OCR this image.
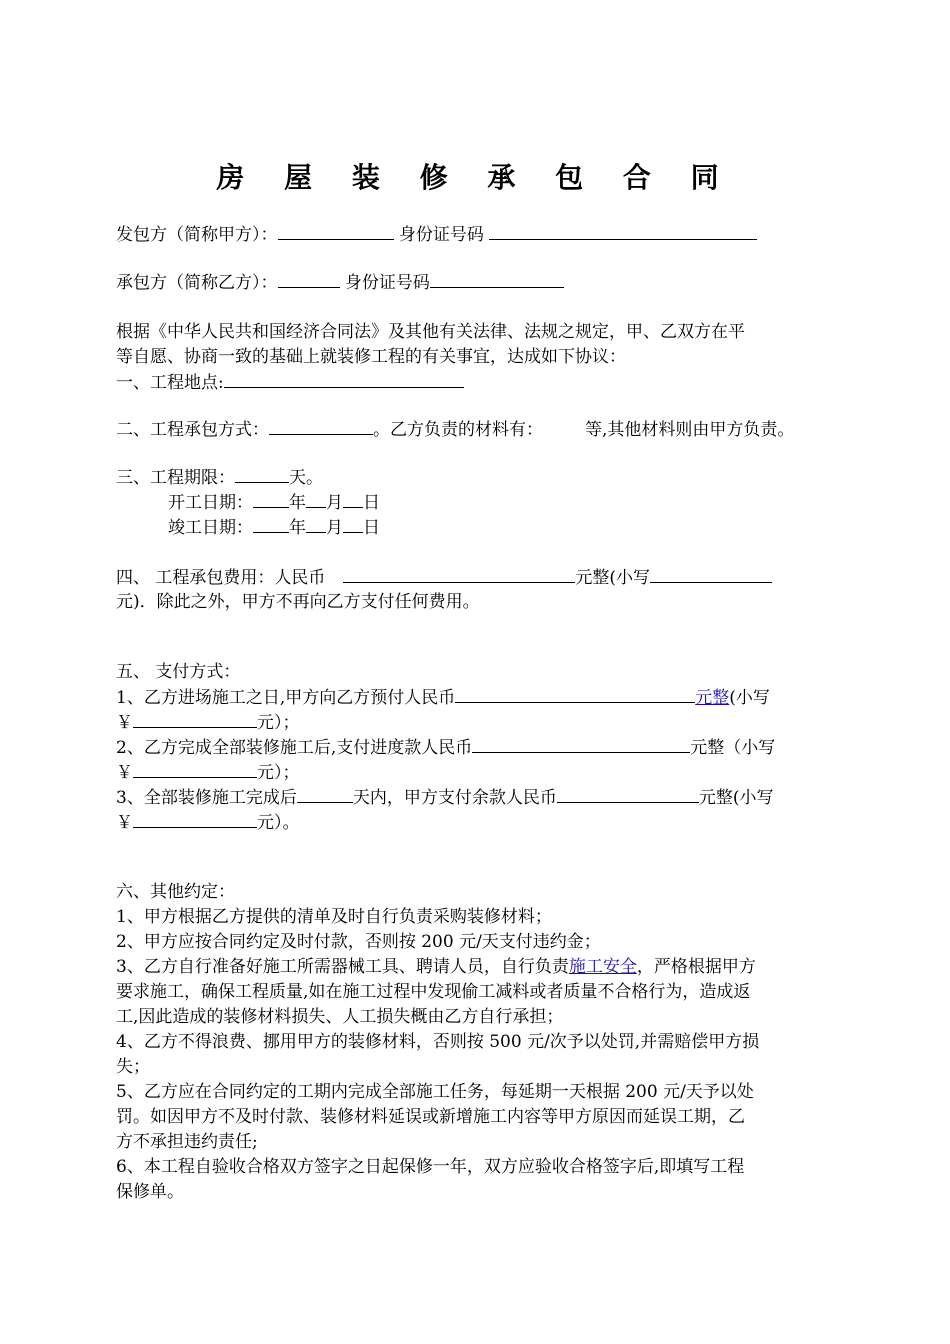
房 屋 装 修 承 包 合 同
发包方（简称甲方）：	身份证号码
承包方（简称乙方）：	身份证号码
根据《中华人民共和国经济合同法》及其他有关法律、法规之规定，甲、乙双方在平
等自愿、协商一致的基础上就装修工程的有关事宜，达成如下协议：
一、工程地点:
二、工程承包方式：	。乙方负责的材料有： 等,其他材料则由甲方负责。
三、工程期限：	天。
开工日期： 年 月 日
竣工日期： 年 月 日
四、 工程承包费用：人民币	元整(小写
元)．除此之外，甲方不再向乙方支付任何费用。
五、 支付方式：
1、乙方进场施工之日,甲方向乙方预付人民币	元整(小写
￥	元）；
2、乙方完成全部装修施工后,支付进度款人民币	元整（小写
￥	元）；
3、全部装修施工完成后	天内，甲方支付余款人民币	元整(小写
￥	元）。
六、其他约定：
1、甲方根据乙方提供的清单及时自行负责采购装修材料；
2、甲方应按合同约定及时付款，否则按 200 元/天支付违约金；
3、乙方自行准备好施工所需器械工具、聘请人员，自行负责施工安全，严格根据甲方
要求施工，确保工程质量,如在施工过程中发现偷工减料或者质量不合格行为，造成返
工,因此造成的装修材料损失、人工损失概由乙方自行承担；
4、乙方不得浪费、挪用甲方的装修材料，否则按 500 元/次予以处罚,并需赔偿甲方损
失；
5、乙方应在合同约定的工期内完成全部施工任务，每延期一天根据 200 元/天予以处
罚。如因甲方不及时付款、装修材料延误或新增施工内容等甲方原因而延误工期，乙
方不承担违约责任;
6、本工程自验收合格双方签字之日起保修一年，双方应验收合格签字后,即填写工程
保修单。
